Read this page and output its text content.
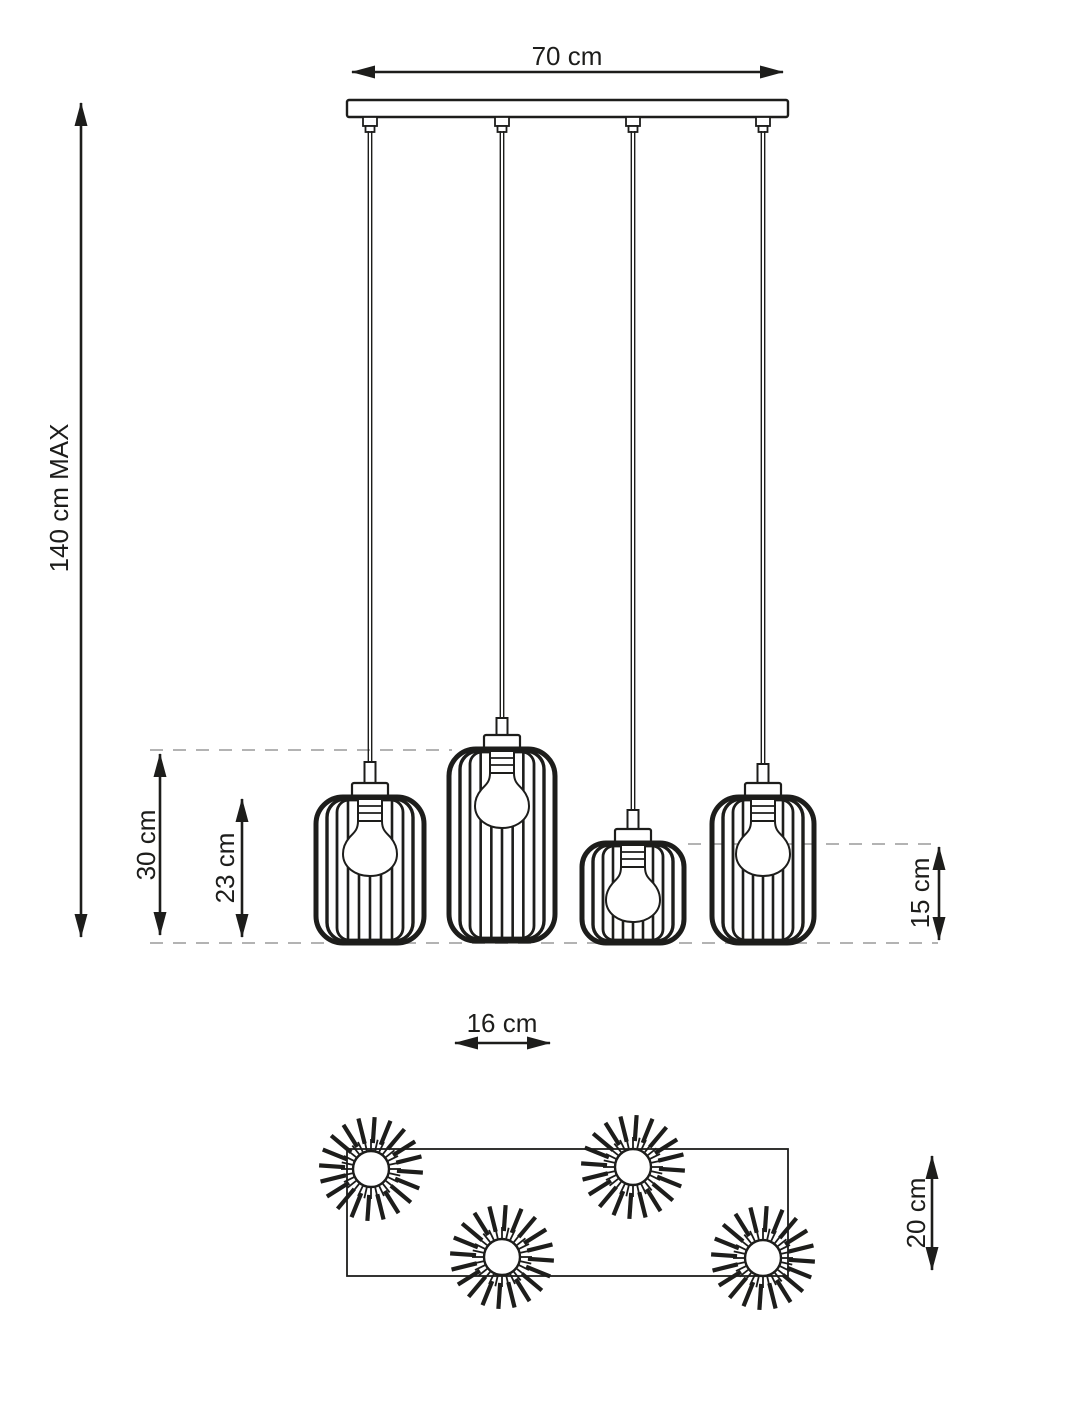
70 cm
140 cm MAX
30 cm 23 cm	15 cm
16 cm
20 cm
